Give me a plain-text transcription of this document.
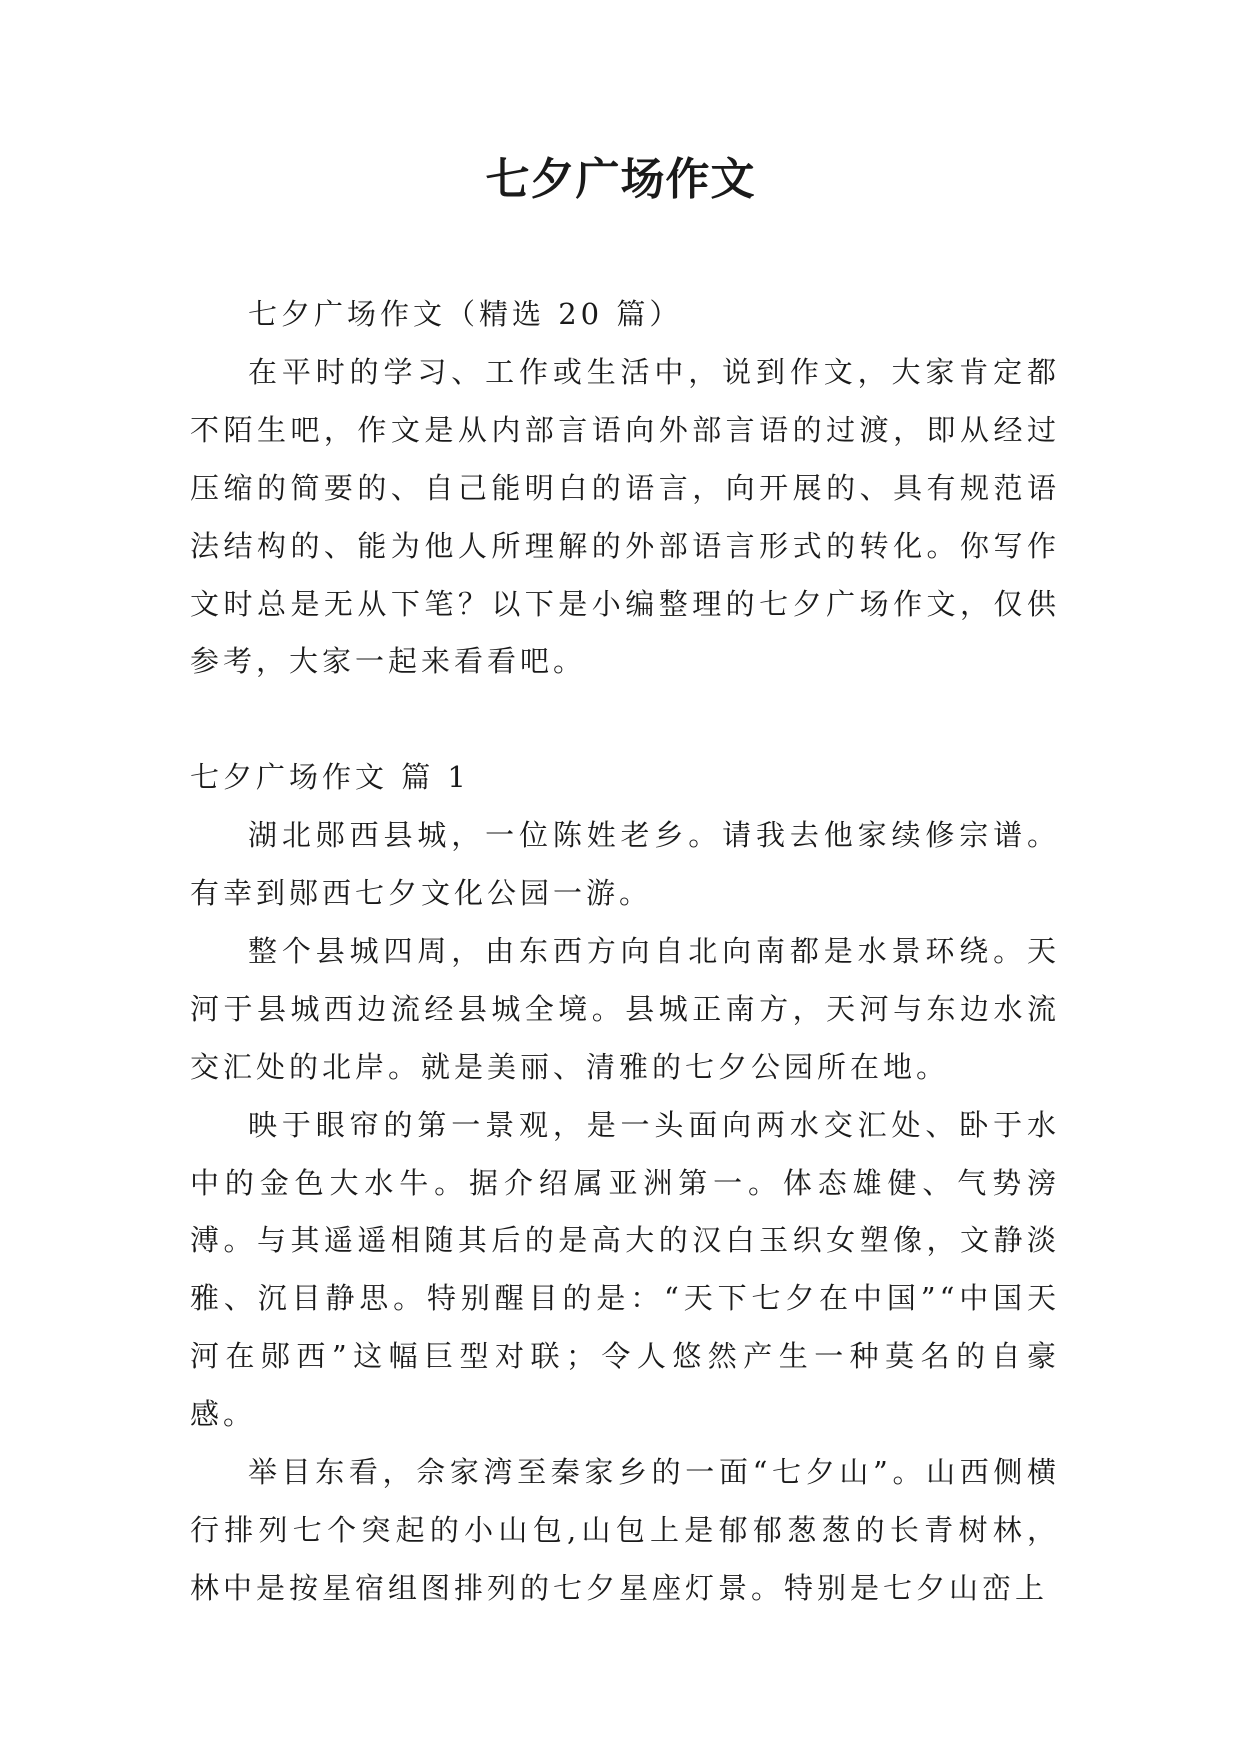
七夕广场作文

七夕广场作文（精选 20 篇）

在平时的学习、工作或生活中，说到作文，大家肯定都不陌生吧，作文是从内部言语向外部言语的过渡，即从经过压缩的简要的、自己能明白的语言，向开展的、具有规范语法结构的、能为他人所理解的外部语言形式的转化。你写作文时总是无从下笔？以下是小编整理的七夕广场作文，仅供参考，大家一起来看看吧。

七夕广场作文 篇 1

湖北郧西县城，一位陈姓老乡。请我去他家续修宗谱。有幸到郧西七夕文化公园一游。

整个县城四周，由东西方向自北向南都是水景环绕。天河于县城西边流经县城全境。县城正南方，天河与东边水流交汇处的北岸。就是美丽、清雅的七夕公园所在地。

映于眼帘的第一景观，是一头面向两水交汇处、卧于水中的金色大水牛。据介绍属亚洲第一。体态雄健、气势滂溥。与其遥遥相随其后的是高大的汉白玉织女塑像，文静淡雅、沉目静思。特别醒目的是：“天下七夕在中国”“中国天河在郧西”这幅巨型对联；令人悠然产生一种莫名的自豪感。

举目东看，佘家湾至秦家乡的一面“七夕山”。山西侧横行排列七个突起的小山包,山包上是郁郁葱葱的长青树林，林中是按星宿组图排列的七夕星座灯景。特别是七夕山峦上
